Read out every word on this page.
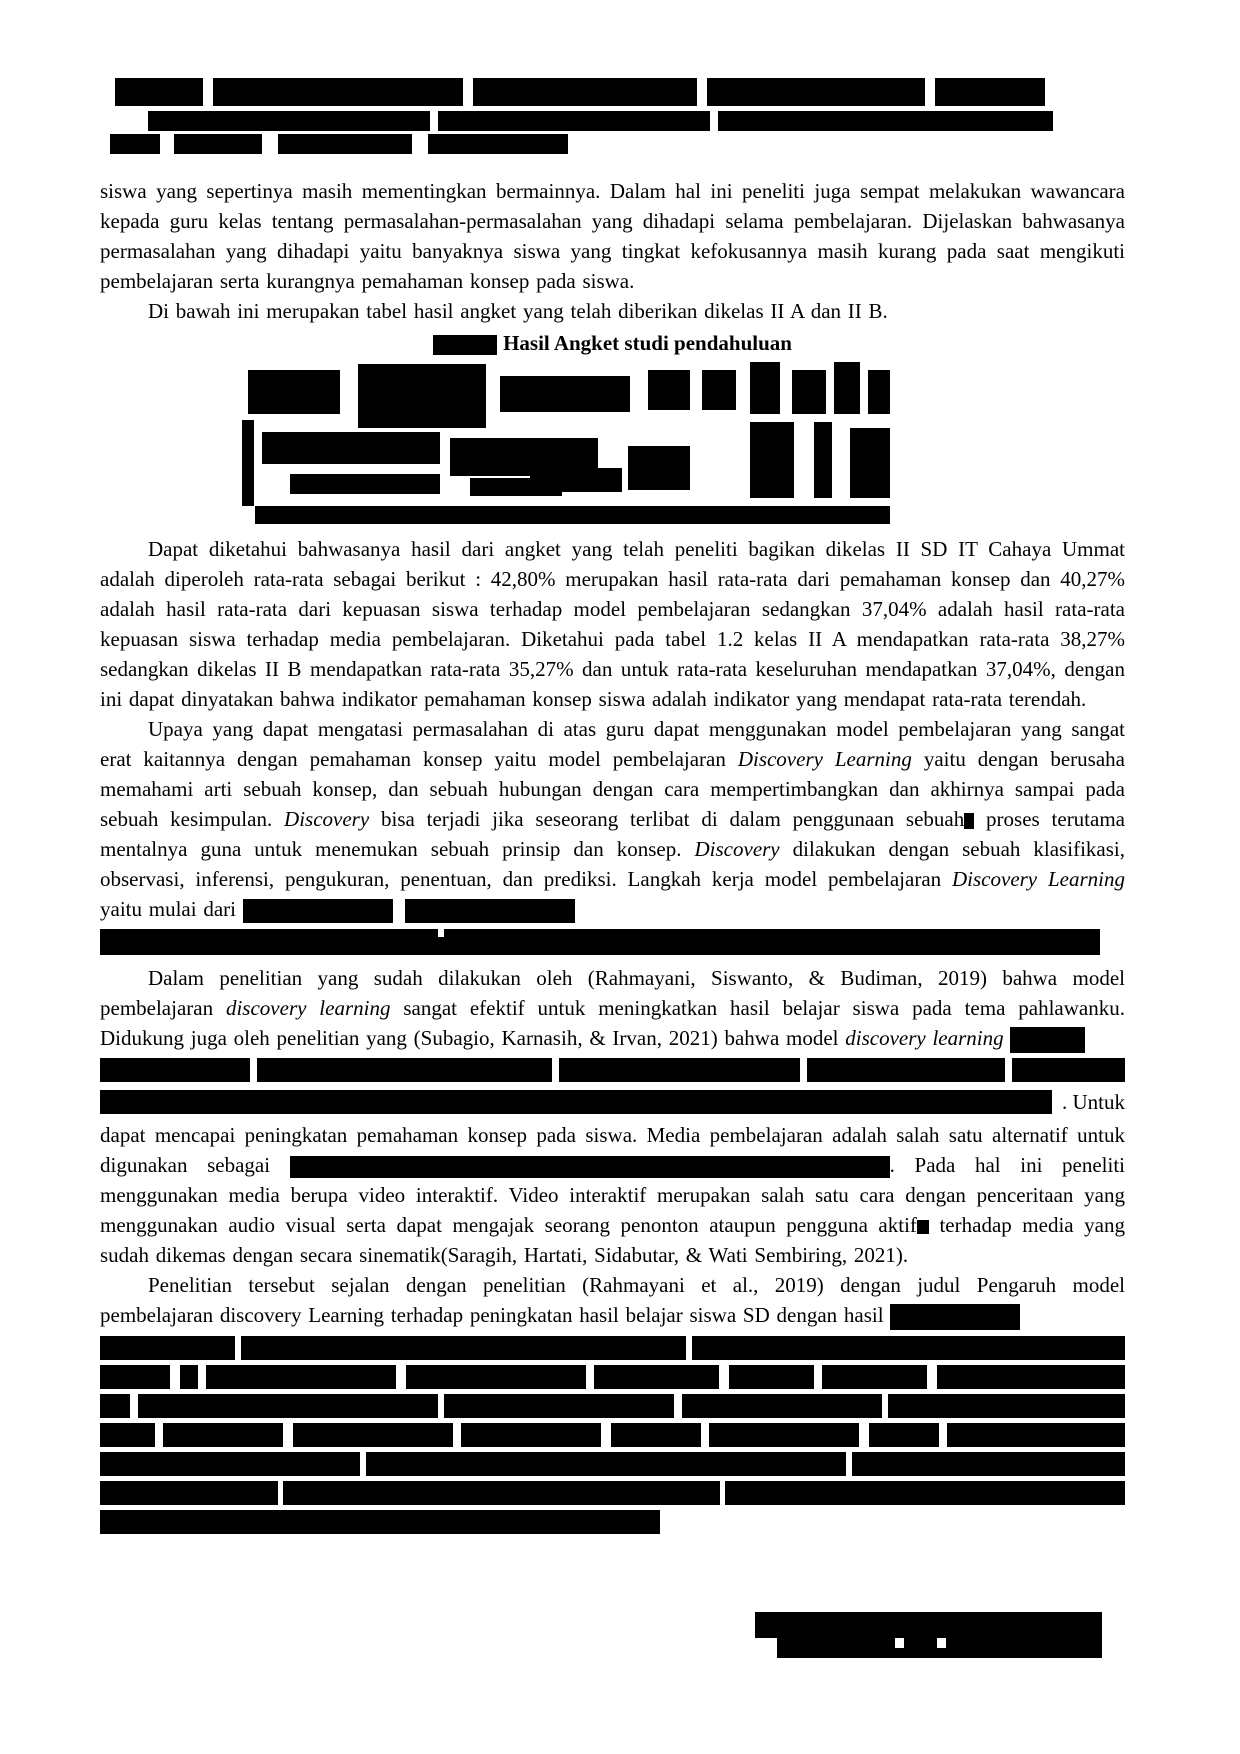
siswa yang sepertinya masih mementingkan bermainnya. Dalam hal ini peneliti juga sempat melakukan wawancara kepada guru kelas tentang permasalahan-permasalahan yang dihadapi selama pembelajaran. Dijelaskan bahwasanya permasalahan yang dihadapi yaitu banyaknya siswa yang tingkat kefokusannya masih kurang pada saat mengikuti pembelajaran serta kurangnya pemahaman konsep pada siswa.

Di bawah ini merupakan tabel hasil angket yang telah diberikan dikelas II A dan II B.

Hasil Angket studi pendahuluan

Dapat diketahui bahwasanya hasil dari angket yang telah peneliti bagikan dikelas II SD IT Cahaya Ummat adalah diperoleh rata-rata sebagai berikut : 42,80% merupakan hasil rata-rata dari pemahaman konsep dan 40,27% adalah hasil rata-rata dari kepuasan siswa terhadap model pembelajaran sedangkan 37,04% adalah hasil rata-rata kepuasan siswa terhadap media pembelajaran. Diketahui pada tabel 1.2 kelas II A mendapatkan rata-rata 38,27% sedangkan dikelas II B mendapatkan rata-rata 35,27% dan untuk rata-rata keseluruhan mendapatkan 37,04%, dengan ini dapat dinyatakan bahwa indikator pemahaman konsep siswa adalah indikator yang mendapat rata-rata terendah.

Upaya yang dapat mengatasi permasalahan di atas guru dapat menggunakan model pembelajaran yang sangat erat kaitannya dengan pemahaman konsep yaitu model pembelajaran Discovery Learning yaitu dengan berusaha memahami arti sebuah konsep, dan sebuah hubungan dengan cara mempertimbangkan dan akhirnya sampai pada sebuah kesimpulan. Discovery bisa terjadi jika seseorang terlibat di dalam penggunaan sebuah proses terutama mentalnya guna untuk menemukan sebuah prinsip dan konsep. Discovery dilakukan dengan sebuah klasifikasi, observasi, inferensi, pengukuran, penentuan, dan prediksi. Langkah kerja model pembelajaran Discovery Learning yaitu mulai dari

Dalam penelitian yang sudah dilakukan oleh (Rahmayani, Siswanto, & Budiman, 2019) bahwa model pembelajaran discovery learning sangat efektif untuk meningkatkan hasil belajar siswa pada tema pahlawanku. Didukung juga oleh penelitian yang (Subagio, Karnasih, & Irvan, 2021) bahwa model discovery learning

. Untuk

dapat mencapai peningkatan pemahaman konsep pada siswa. Media pembelajaran adalah salah satu alternatif untuk digunakan sebagai	. Pada hal ini peneliti menggunakan media berupa video interaktif. Video interaktif merupakan salah satu cara dengan penceritaan yang menggunakan audio visual serta dapat mengajak seorang penonton ataupun pengguna aktif terhadap media yang sudah dikemas dengan secara sinematik(Saragih, Hartati, Sidabutar, & Wati Sembiring, 2021).

Penelitian tersebut sejalan dengan penelitian (Rahmayani et al., 2019) dengan judul Pengaruh model pembelajaran discovery Learning terhadap peningkatan hasil belajar siswa SD dengan hasil
